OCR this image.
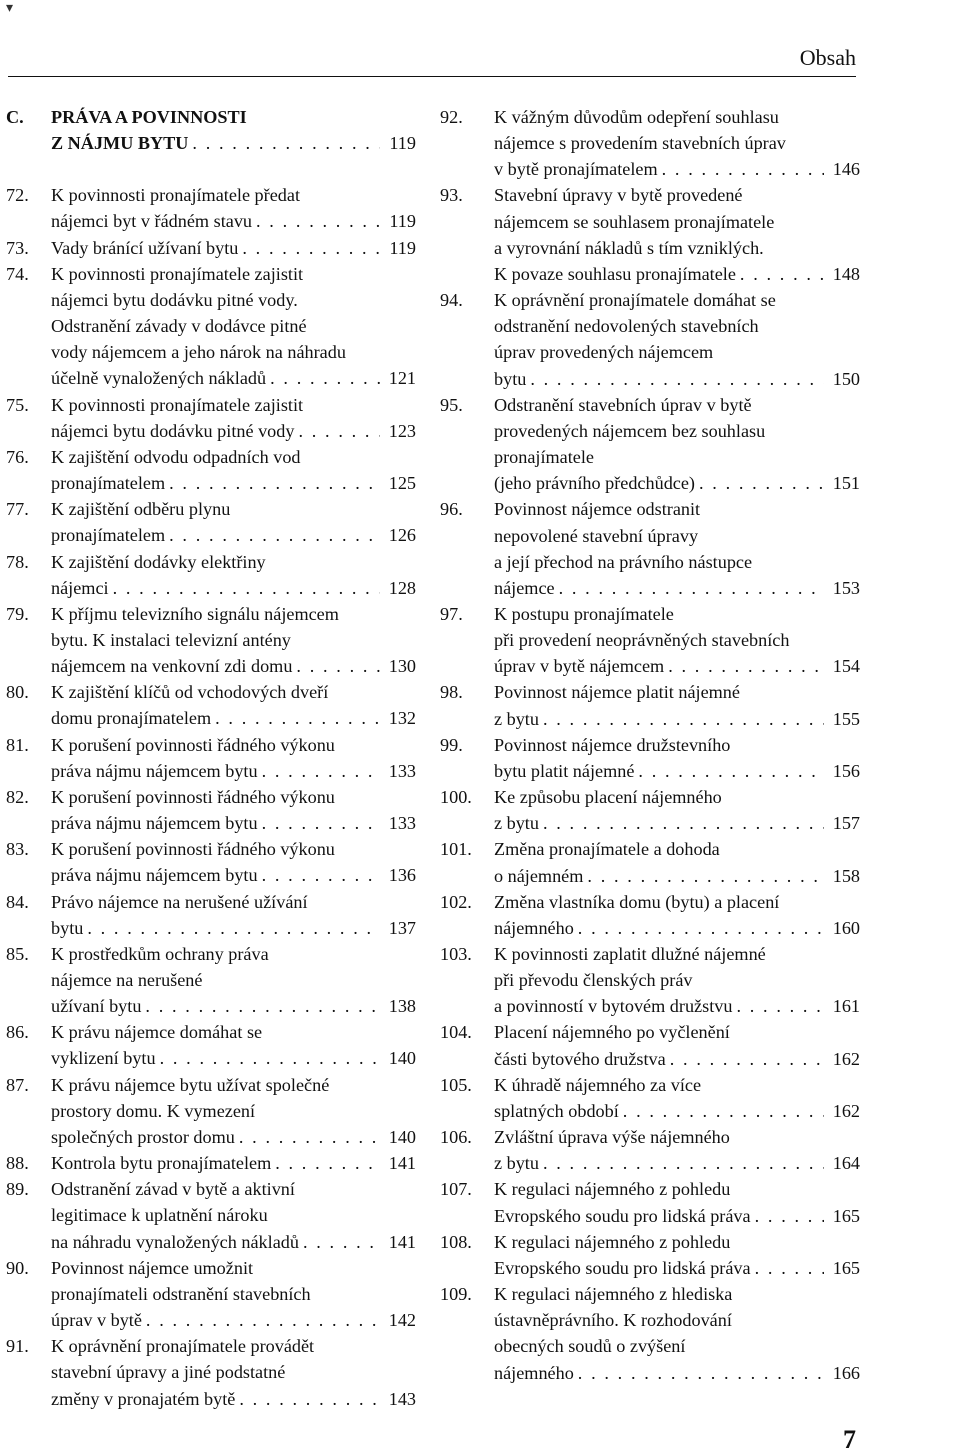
▾
Obsah
C. PRÁVA A POVINNOSTI
Z NÁJMU BYTU . . .	119
72. K povinnosti pronajímatele předat
nájemci byt v řádném stavu . . .	119
73. Vady bránící užívaní bytu . . .	119
74. K povinnosti pronajímatele zajistit
nájemci bytu dodávku pitné vody.
Odstranění závady v dodávce pitné
vody nájemcem a jeho nárok na náhradu
účelně vynaložených nákladů . . .	121
75. K povinnosti pronajímatele zajistit
nájemci bytu dodávku pitné vody . . .	123
76. K zajištění odvodu odpadních vod
pronajímatelem . . .	125
77. K zajištění odběru plynu
pronajímatelem . . .	126
78. K zajištění dodávky elektřiny
nájemci . . .	128
79. K příjmu televizního signálu nájemcem
bytu. K instalaci televizní antény
nájemcem na venkovní zdi domu . . .	130
80. K zajištění klíčů od vchodových dveří
domu pronajímatelem . . .	132
81. K porušení povinnosti řádného výkonu
práva nájmu nájemcem bytu . . .	133
82. K porušení povinnosti řádného výkonu
práva nájmu nájemcem bytu . . .	133
83. K porušení povinnosti řádného výkonu
práva nájmu nájemcem bytu . . .	136
84. Právo nájemce na nerušené užívání
bytu . . .	137
85. K prostředkům ochrany práva
nájemce na nerušené
užívaní bytu . . .	138
86. K právu nájemce domáhat se
vyklizení bytu . . .	140
87. K právu nájemce bytu užívat společné
prostory domu. K vymezení
společných prostor domu . . .	140
88. Kontrola bytu pronajímatelem . . .	141
89. Odstranění závad v bytě a aktivní
legitimace k uplatnění nároku
na náhradu vynaložených nákladů . . .	141
90. Povinnost nájemce umožnit
pronajímateli odstranění stavebních
úprav v bytě . . .	142
91. K oprávnění pronajímatele provádět
stavební úpravy a jiné podstatné
změny v pronajatém bytě . . .	143
92. K vážným důvodům odepření souhlasu
nájemce s provedením stavebních úprav
v bytě pronajímatelem . . .	146
93. Stavební úpravy v bytě provedené
nájemcem se souhlasem pronajímatele
a vyrovnání nákladů s tím vzniklých.
K povaze souhlasu pronajímatele . . .	148
94. K oprávnění pronajímatele domáhat se
odstranění nedovolených stavebních
úprav provedených nájemcem
bytu . . .	150
95. Odstranění stavebních úprav v bytě
provedených nájemcem bez souhlasu
pronajímatele
(jeho právního předchůdce) . . .	151
96. Povinnost nájemce odstranit
nepovolené stavební úpravy
a její přechod na právního nástupce
nájemce . . .	153
97. K postupu pronajímatele
při provedení neoprávněných stavebních
úprav v bytě nájemcem . . .	154
98. Povinnost nájemce platit nájemné
z bytu . . .	155
99. Povinnost nájemce družstevního
bytu platit nájemné . . .	156
100. Ke způsobu placení nájemného
z bytu . . .	157
101. Změna pronajímatele a dohoda
o nájemném . . .	158
102. Změna vlastníka domu (bytu) a placení
nájemného . . .	160
103. K povinnosti zaplatit dlužné nájemné
při převodu členských práv
a povinností v bytovém družstvu . . .	161
104. Placení nájemného po vyčlenění
části bytového družstva . . .	162
105. K úhradě nájemného za více
splatných období . . .	162
106. Zvláštní úprava výše nájemného
z bytu . . .	164
107. K regulaci nájemného z pohledu
Evropského soudu pro lidská práva . . .	165
108. K regulaci nájemného z pohledu
Evropského soudu pro lidská práva . . .	165
109. K regulaci nájemného z hlediska
ústavněprávního. K rozhodování
obecných soudů o zvýšení
nájemného . . .	166
7
